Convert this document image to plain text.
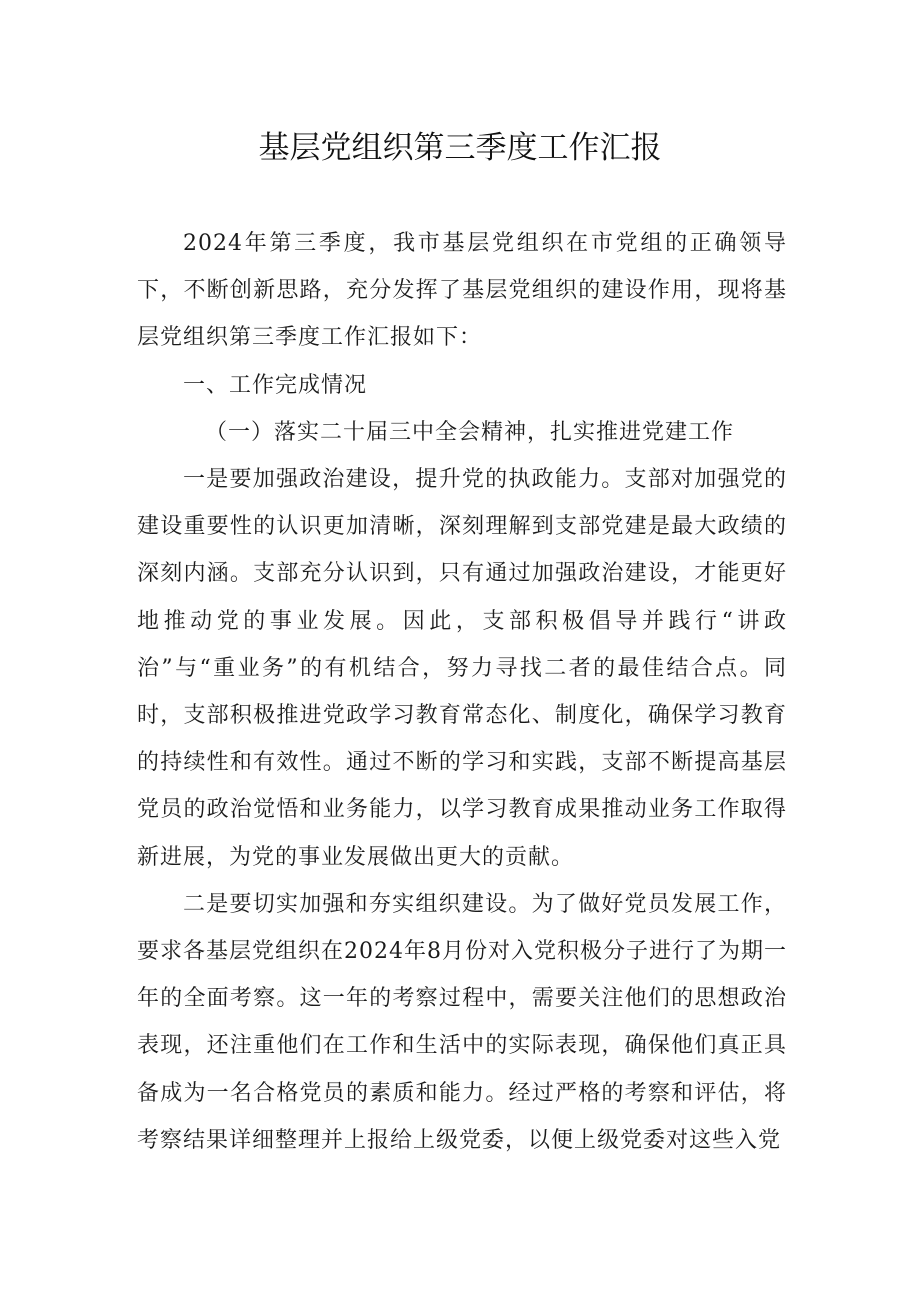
基层党组织第三季度工作汇报

2024年第三季度，我市基层党组织在市党组的正确领导下，不断创新思路，充分发挥了基层党组织的建设作用，现将基层党组织第三季度工作汇报如下：

一、工作完成情况

（一）落实二十届三中全会精神，扎实推进党建工作

一是要加强政治建设，提升党的执政能力。支部对加强党的建设重要性的认识更加清晰，深刻理解到支部党建是最大政绩的深刻内涵。支部充分认识到，只有通过加强政治建设，才能更好地推动党的事业发展。因此，支部积极倡导并践行“讲政治”与“重业务”的有机结合，努力寻找二者的最佳结合点。同时，支部积极推进党政学习教育常态化、制度化，确保学习教育的持续性和有效性。通过不断的学习和实践，支部不断提高基层党员的政治觉悟和业务能力，以学习教育成果推动业务工作取得新进展，为党的事业发展做出更大的贡献。

二是要切实加强和夯实组织建设。为了做好党员发展工作，要求各基层党组织在2024年8月份对入党积极分子进行了为期一年的全面考察。这一年的考察过程中，需要关注他们的思想政治表现，还注重他们在工作和生活中的实际表现，确保他们真正具备成为一名合格党员的素质和能力。经过严格的考察和评估，将考察结果详细整理并上报给上级党委，以便上级党委对这些入党
